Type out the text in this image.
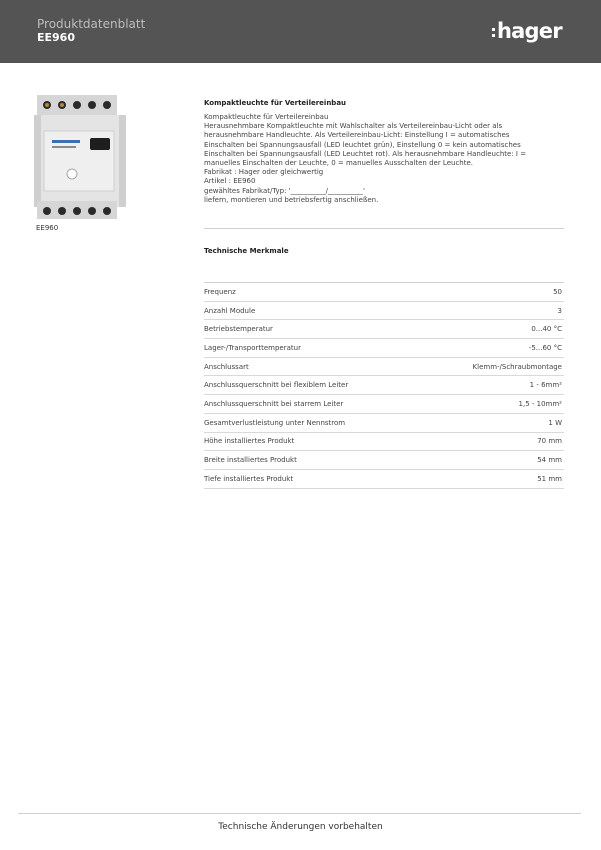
Produktdatenblatt
EE960	hager
EE960
Kompaktleuchte für Verteilereinbau
Kompaktleuchte für Verteilereinbau
Herausnehmbare Kompaktleuchte mit Wahlschalter als Verteilereinbau-Licht oder als
herausnehmbare Handleuchte. Als Verteilereinbau-Licht: Einstellung I = automatisches
Einschalten bei Spannungsausfall (LED leuchtet grün), Einstellung 0 = kein automatisches
Einschalten bei Spannungsausfall (LED Leuchtet rot). Als herausnehmbare Handleuchte: I =
manuelles Einschalten der Leuchte, 0 = manuelles Ausschalten der Leuchte.
Fabrikat : Hager oder gleichwertig
Artikel : EE960
gewähltes Fabrikat/Typ: '__________/__________'
liefern, montieren und betriebsfertig anschließen.
Technische Merkmale
Frequenz	50
Anzahl Module	3
Betriebstemperatur	0...40 °C
Lager-/Transporttemperatur	-5...60 °C
Anschlussart	Klemm-/Schraubmontage
Anschlussquerschnitt bei flexiblem Leiter	1 - 6mm²
Anschlussquerschnitt bei starrem Leiter	1,5 - 10mm²
Gesamtverlustleistung unter Nennstrom	1 W
Höhe installiertes Produkt	70 mm
Breite installiertes Produkt	54 mm
Tiefe installiertes Produkt	51 mm
Technische Änderungen vorbehalten
